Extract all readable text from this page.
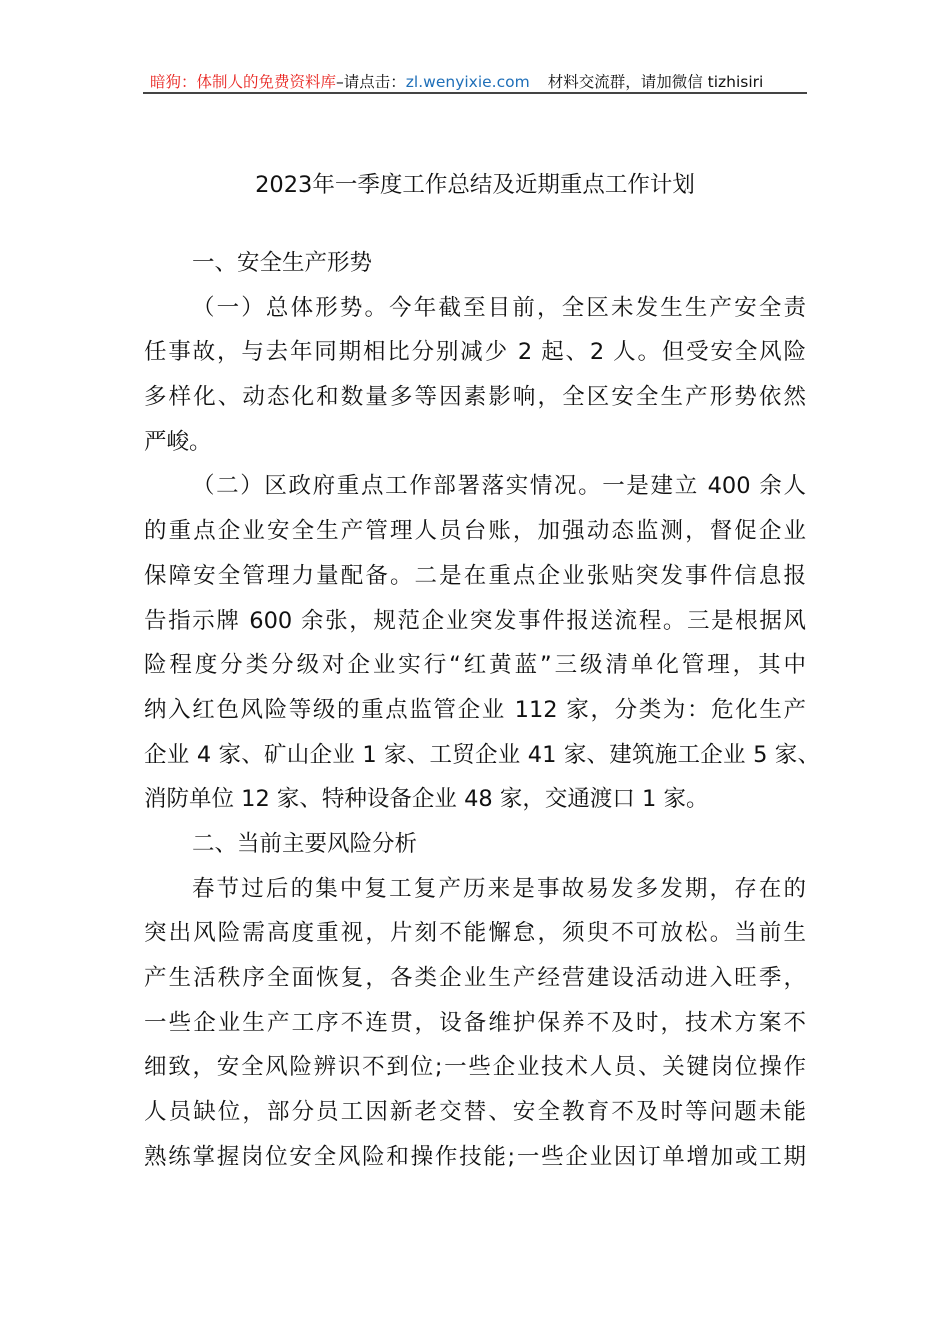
暗狗：体制人的免费资料库–请点击：zl.wenyixie.com 材料交流群，请加微信 tizhisiri
2023年一季度工作总结及近期重点工作计划
一、安全生产形势
（一）总体形势。今年截至目前，全区未发生生产安全责
任事故，与去年同期相比分别减少 2 起、2 人。但受安全风险
多样化、动态化和数量多等因素影响，全区安全生产形势依然
严峻。
（二）区政府重点工作部署落实情况。一是建立 400 余人
的重点企业安全生产管理人员台账，加强动态监测，督促企业
保障安全管理力量配备。二是在重点企业张贴突发事件信息报
告指示牌 600 余张，规范企业突发事件报送流程。三是根据风
险程度分类分级对企业实行“红黄蓝”三级清单化管理，其中
纳入红色风险等级的重点监管企业 112 家，分类为：危化生产
企业 4 家、矿山企业 1 家、工贸企业 41 家、建筑施工企业 5 家、
消防单位 12 家、特种设备企业 48 家，交通渡口 1 家。
二、当前主要风险分析
春节过后的集中复工复产历来是事故易发多发期，存在的
突出风险需高度重视，片刻不能懈怠，须臾不可放松。当前生
产生活秩序全面恢复，各类企业生产经营建设活动进入旺季，
一些企业生产工序不连贯，设备维护保养不及时，技术方案不
细致，安全风险辨识不到位;一些企业技术人员、关键岗位操作
人员缺位，部分员工因新老交替、安全教育不及时等问题未能
熟练掌握岗位安全风险和操作技能;一些企业因订单增加或工期
